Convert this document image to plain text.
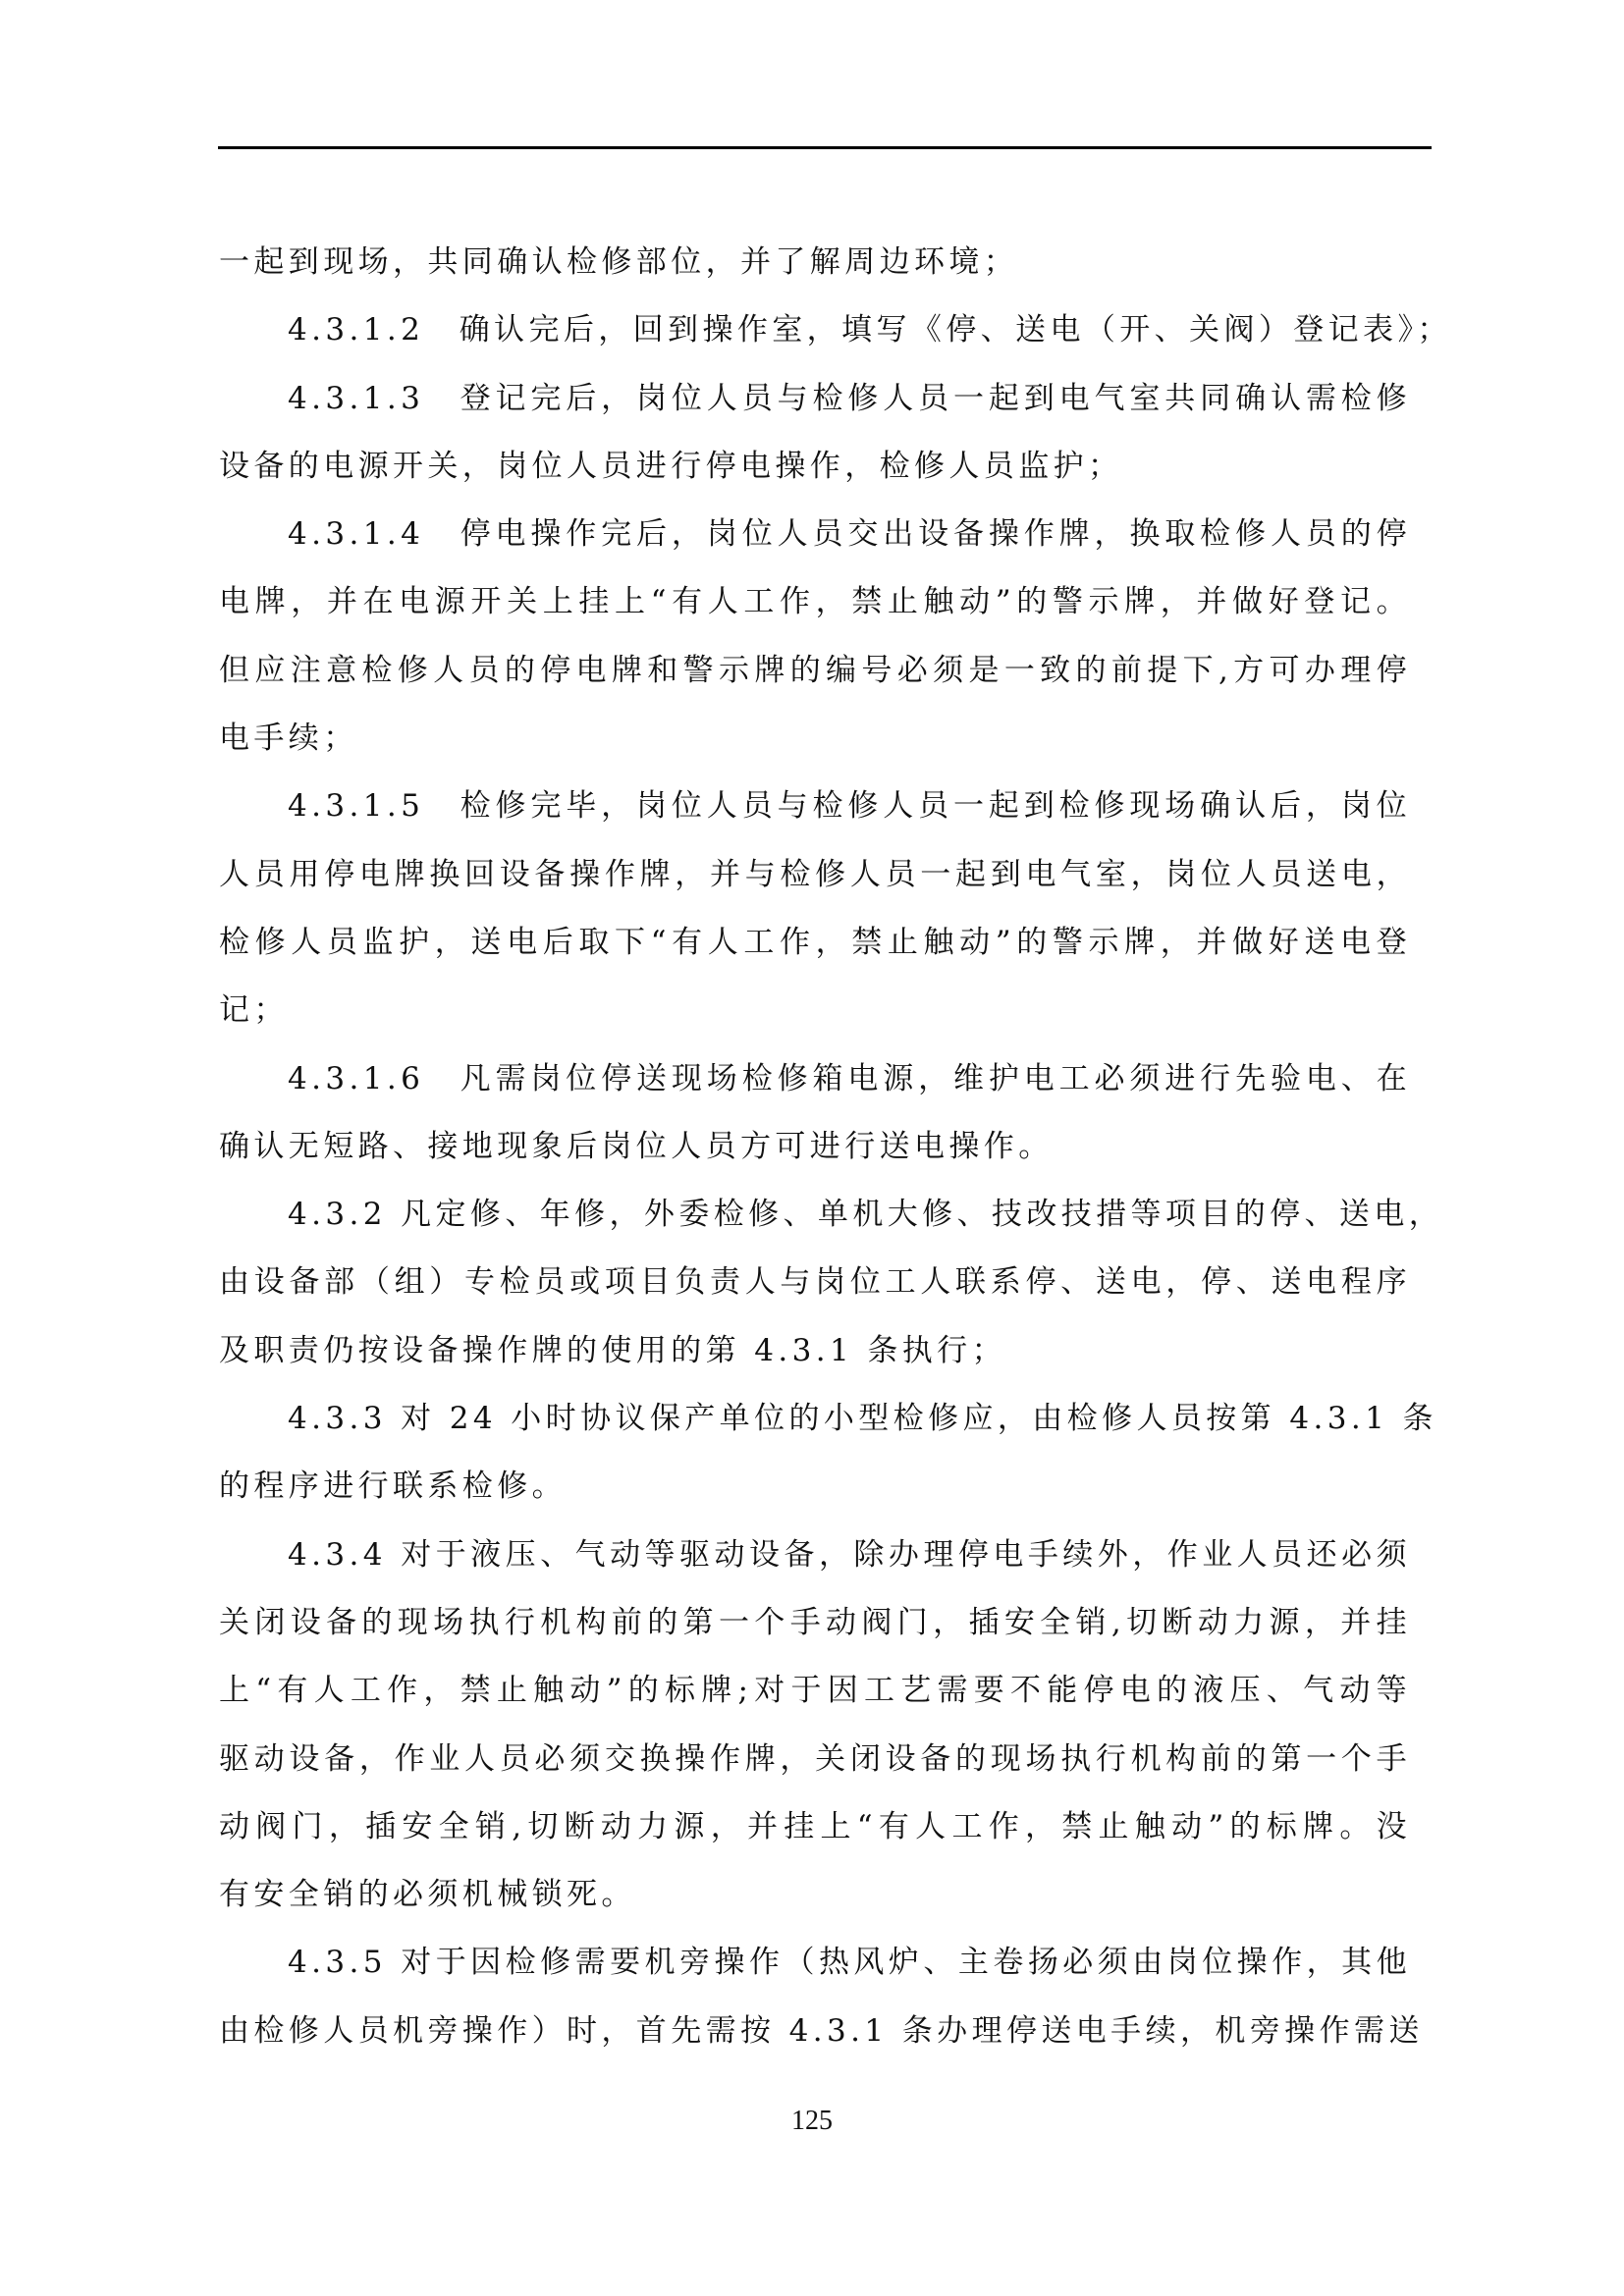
一起到现场，共同确认检修部位，并了解周边环境；
4.3.1.2　确认完后，回到操作室，填写《停、送电（开、关阀）登记表》；
4.3.1.3　登记完后，岗位人员与检修人员一起到电气室共同确认需检修
设备的电源开关，岗位人员进行停电操作，检修人员监护；
4.3.1.4　停电操作完后，岗位人员交出设备操作牌，换取检修人员的停
电牌，并在电源开关上挂上“有人工作，禁止触动”的警示牌，并做好登记。
但应注意检修人员的停电牌和警示牌的编号必须是一致的前提下,方可办理停
电手续；
4.3.1.5　检修完毕，岗位人员与检修人员一起到检修现场确认后，岗位
人员用停电牌换回设备操作牌，并与检修人员一起到电气室，岗位人员送电，
检修人员监护，送电后取下“有人工作，禁止触动”的警示牌，并做好送电登
记；
4.3.1.6　凡需岗位停送现场检修箱电源，维护电工必须进行先验电、在
确认无短路、接地现象后岗位人员方可进行送电操作。
4.3.2 凡定修、年修，外委检修、单机大修、技改技措等项目的停、送电，
由设备部（组）专检员或项目负责人与岗位工人联系停、送电，停、送电程序
及职责仍按设备操作牌的使用的第 4.3.1 条执行；
4.3.3 对 24 小时协议保产单位的小型检修应，由检修人员按第 4.3.1 条
的程序进行联系检修。
4.3.4 对于液压、气动等驱动设备，除办理停电手续外，作业人员还必须
关闭设备的现场执行机构前的第一个手动阀门，插安全销,切断动力源，并挂
上“有人工作，禁止触动”的标牌;对于因工艺需要不能停电的液压、气动等
驱动设备，作业人员必须交换操作牌，关闭设备的现场执行机构前的第一个手
动阀门，插安全销,切断动力源，并挂上“有人工作，禁止触动”的标牌。没
有安全销的必须机械锁死。
4.3.5 对于因检修需要机旁操作（热风炉、主卷扬必须由岗位操作，其他
由检修人员机旁操作）时，首先需按 4.3.1 条办理停送电手续，机旁操作需送
125
